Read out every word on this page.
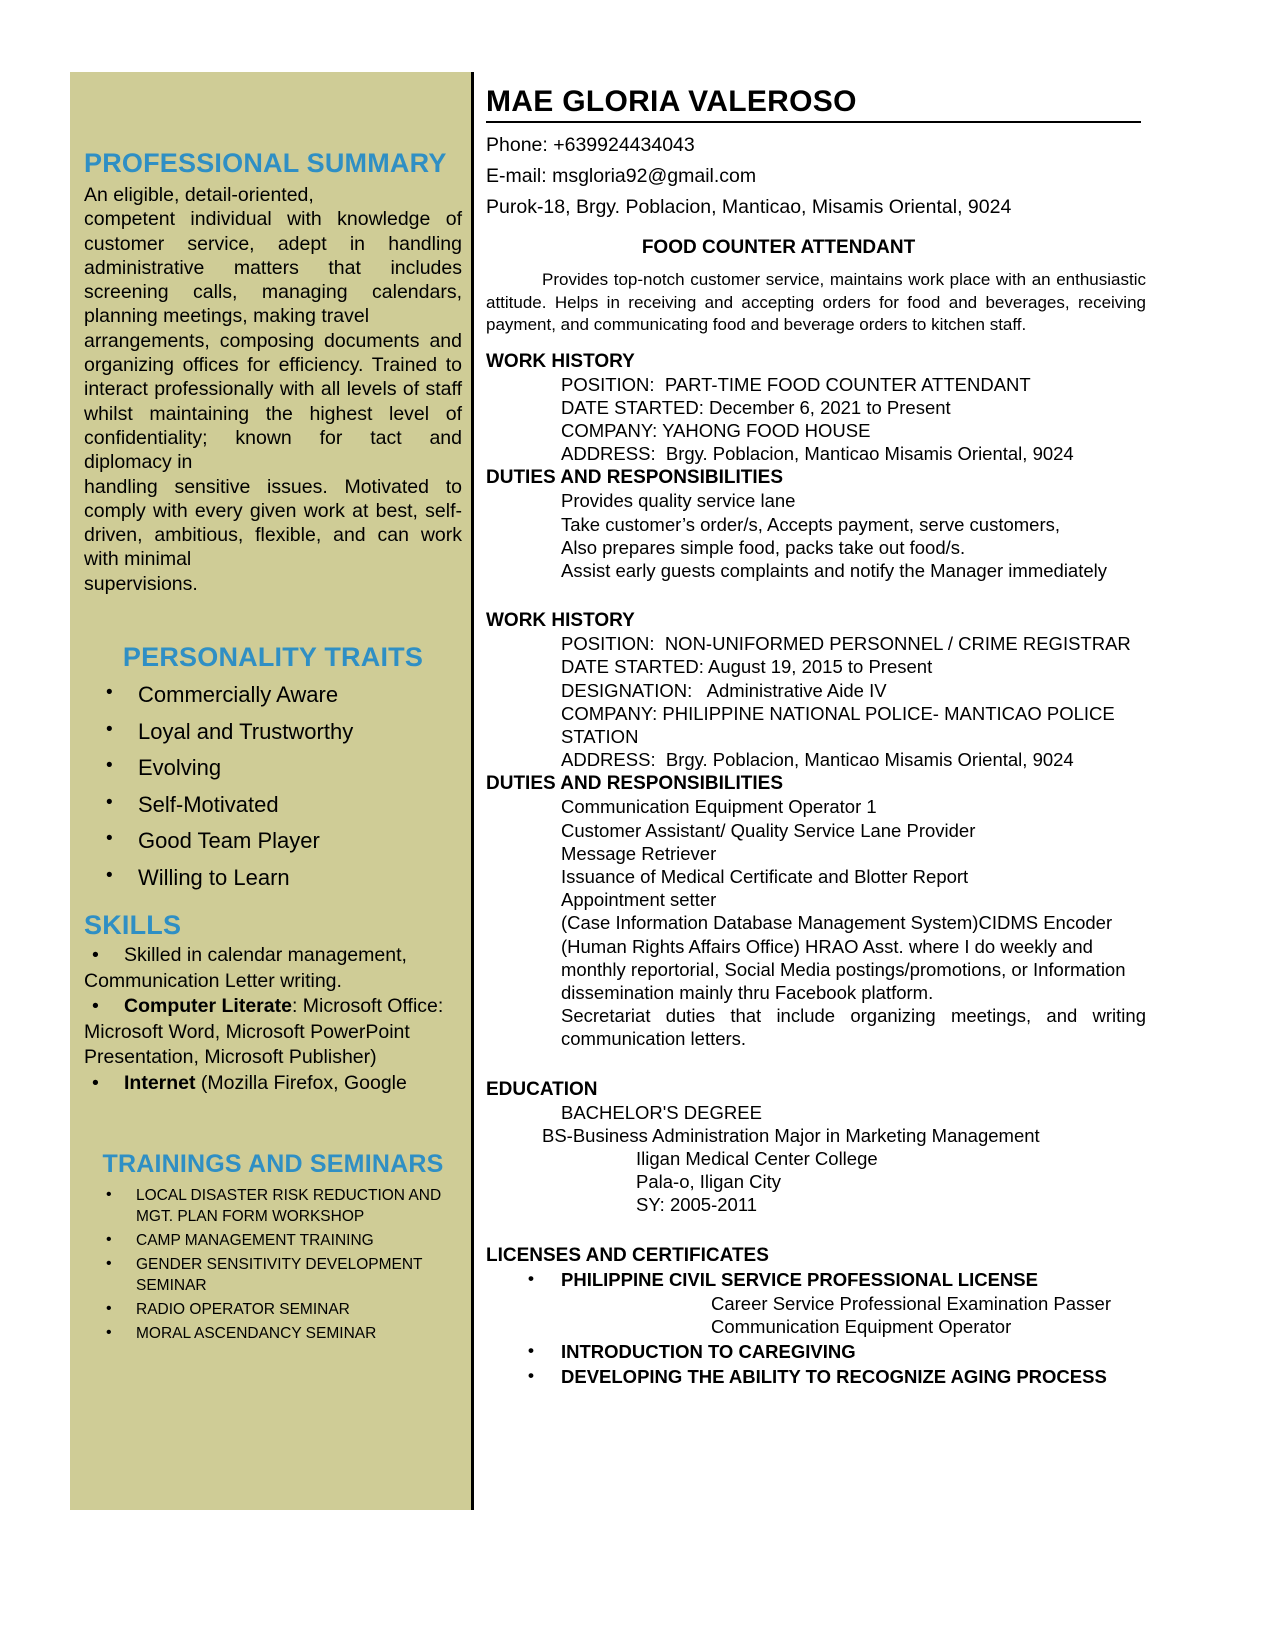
PROFESSIONAL SUMMARY

An eligible, detail-oriented,

competent individual with knowledge of customer service, adept in handling administrative matters that includes screening calls, managing calendars, planning meetings, making travel

arrangements, composing documents and organizing offices for efficiency. Trained to interact professionally with all levels of staff whilst maintaining the highest level of confidentiality; known for tact and diplomacy in

handling sensitive issues. Motivated to comply with every given work at best, self-driven, ambitious, flexible, and can work with minimal

supervisions.

PERSONALITY TRAITS
• Commercially Aware
• Loyal and Trustworthy
• Evolving
• Self-Motivated
• Good Team Player
• Willing to Learn
SKILLS

• Skilled in calendar management, Communication Letter writing.

• Computer Literate: Microsoft Office: Microsoft Word, Microsoft PowerPoint Presentation, Microsoft Publisher)

• Internet (Mozilla Firefox, Google

TRAININGS AND SEMINARS
• LOCAL DISASTER RISK REDUCTION AND MGT. PLAN FORM WORKSHOP
• CAMP MANAGEMENT TRAINING
• GENDER SENSITIVITY DEVELOPMENT SEMINAR
• RADIO OPERATOR SEMINAR
• MORAL ASCENDANCY SEMINAR
MAE GLORIA VALEROSO
Phone: +639924434043
E-mail: msgloria92@gmail.com
Purok-18, Brgy. Poblacion, Manticao, Misamis Oriental, 9024
FOOD COUNTER ATTENDANT
Provides top-notch customer service, maintains work place with an enthusiastic attitude. Helps in receiving and accepting orders for food and beverages, receiving payment, and communicating food and beverage orders to kitchen staff.
WORK HISTORY
POSITION:  PART-TIME FOOD COUNTER ATTENDANT
DATE STARTED: December 6, 2021 to Present
COMPANY: YAHONG FOOD HOUSE
ADDRESS:  Brgy. Poblacion, Manticao Misamis Oriental, 9024
DUTIES AND RESPONSIBILITIES
Provides quality service lane
Take customer’s order/s, Accepts payment, serve customers,
Also prepares simple food, packs take out food/s.
Assist early guests complaints and notify the Manager immediately
WORK HISTORY
POSITION:  NON-UNIFORMED PERSONNEL / CRIME REGISTRAR
DATE STARTED: August 19, 2015 to Present
DESIGNATION:   Administrative Aide IV
COMPANY: PHILIPPINE NATIONAL POLICE- MANTICAO POLICE STATION
ADDRESS:  Brgy. Poblacion, Manticao Misamis Oriental, 9024
DUTIES AND RESPONSIBILITIES
Communication Equipment Operator 1
Customer Assistant/ Quality Service Lane Provider
Message Retriever
Issuance of Medical Certificate and Blotter Report
Appointment setter
(Case Information Database Management System)CIDMS Encoder
(Human Rights Affairs Office) HRAO Asst. where I do weekly and monthly reportorial, Social Media postings/promotions, or Information dissemination mainly thru Facebook platform.
Secretariat duties that include organizing meetings, and writing communication letters.
EDUCATION
BACHELOR'S DEGREE
BS-Business Administration Major in Marketing Management
Iligan Medical Center College
Pala-o, Iligan City
SY: 2005-2011
LICENSES AND CERTIFICATES
• PHILIPPINE CIVIL SERVICE PROFESSIONAL LICENSE
Career Service Professional Examination Passer
Communication Equipment Operator
• INTRODUCTION TO CAREGIVING
• DEVELOPING THE ABILITY TO RECOGNIZE AGING PROCESS
